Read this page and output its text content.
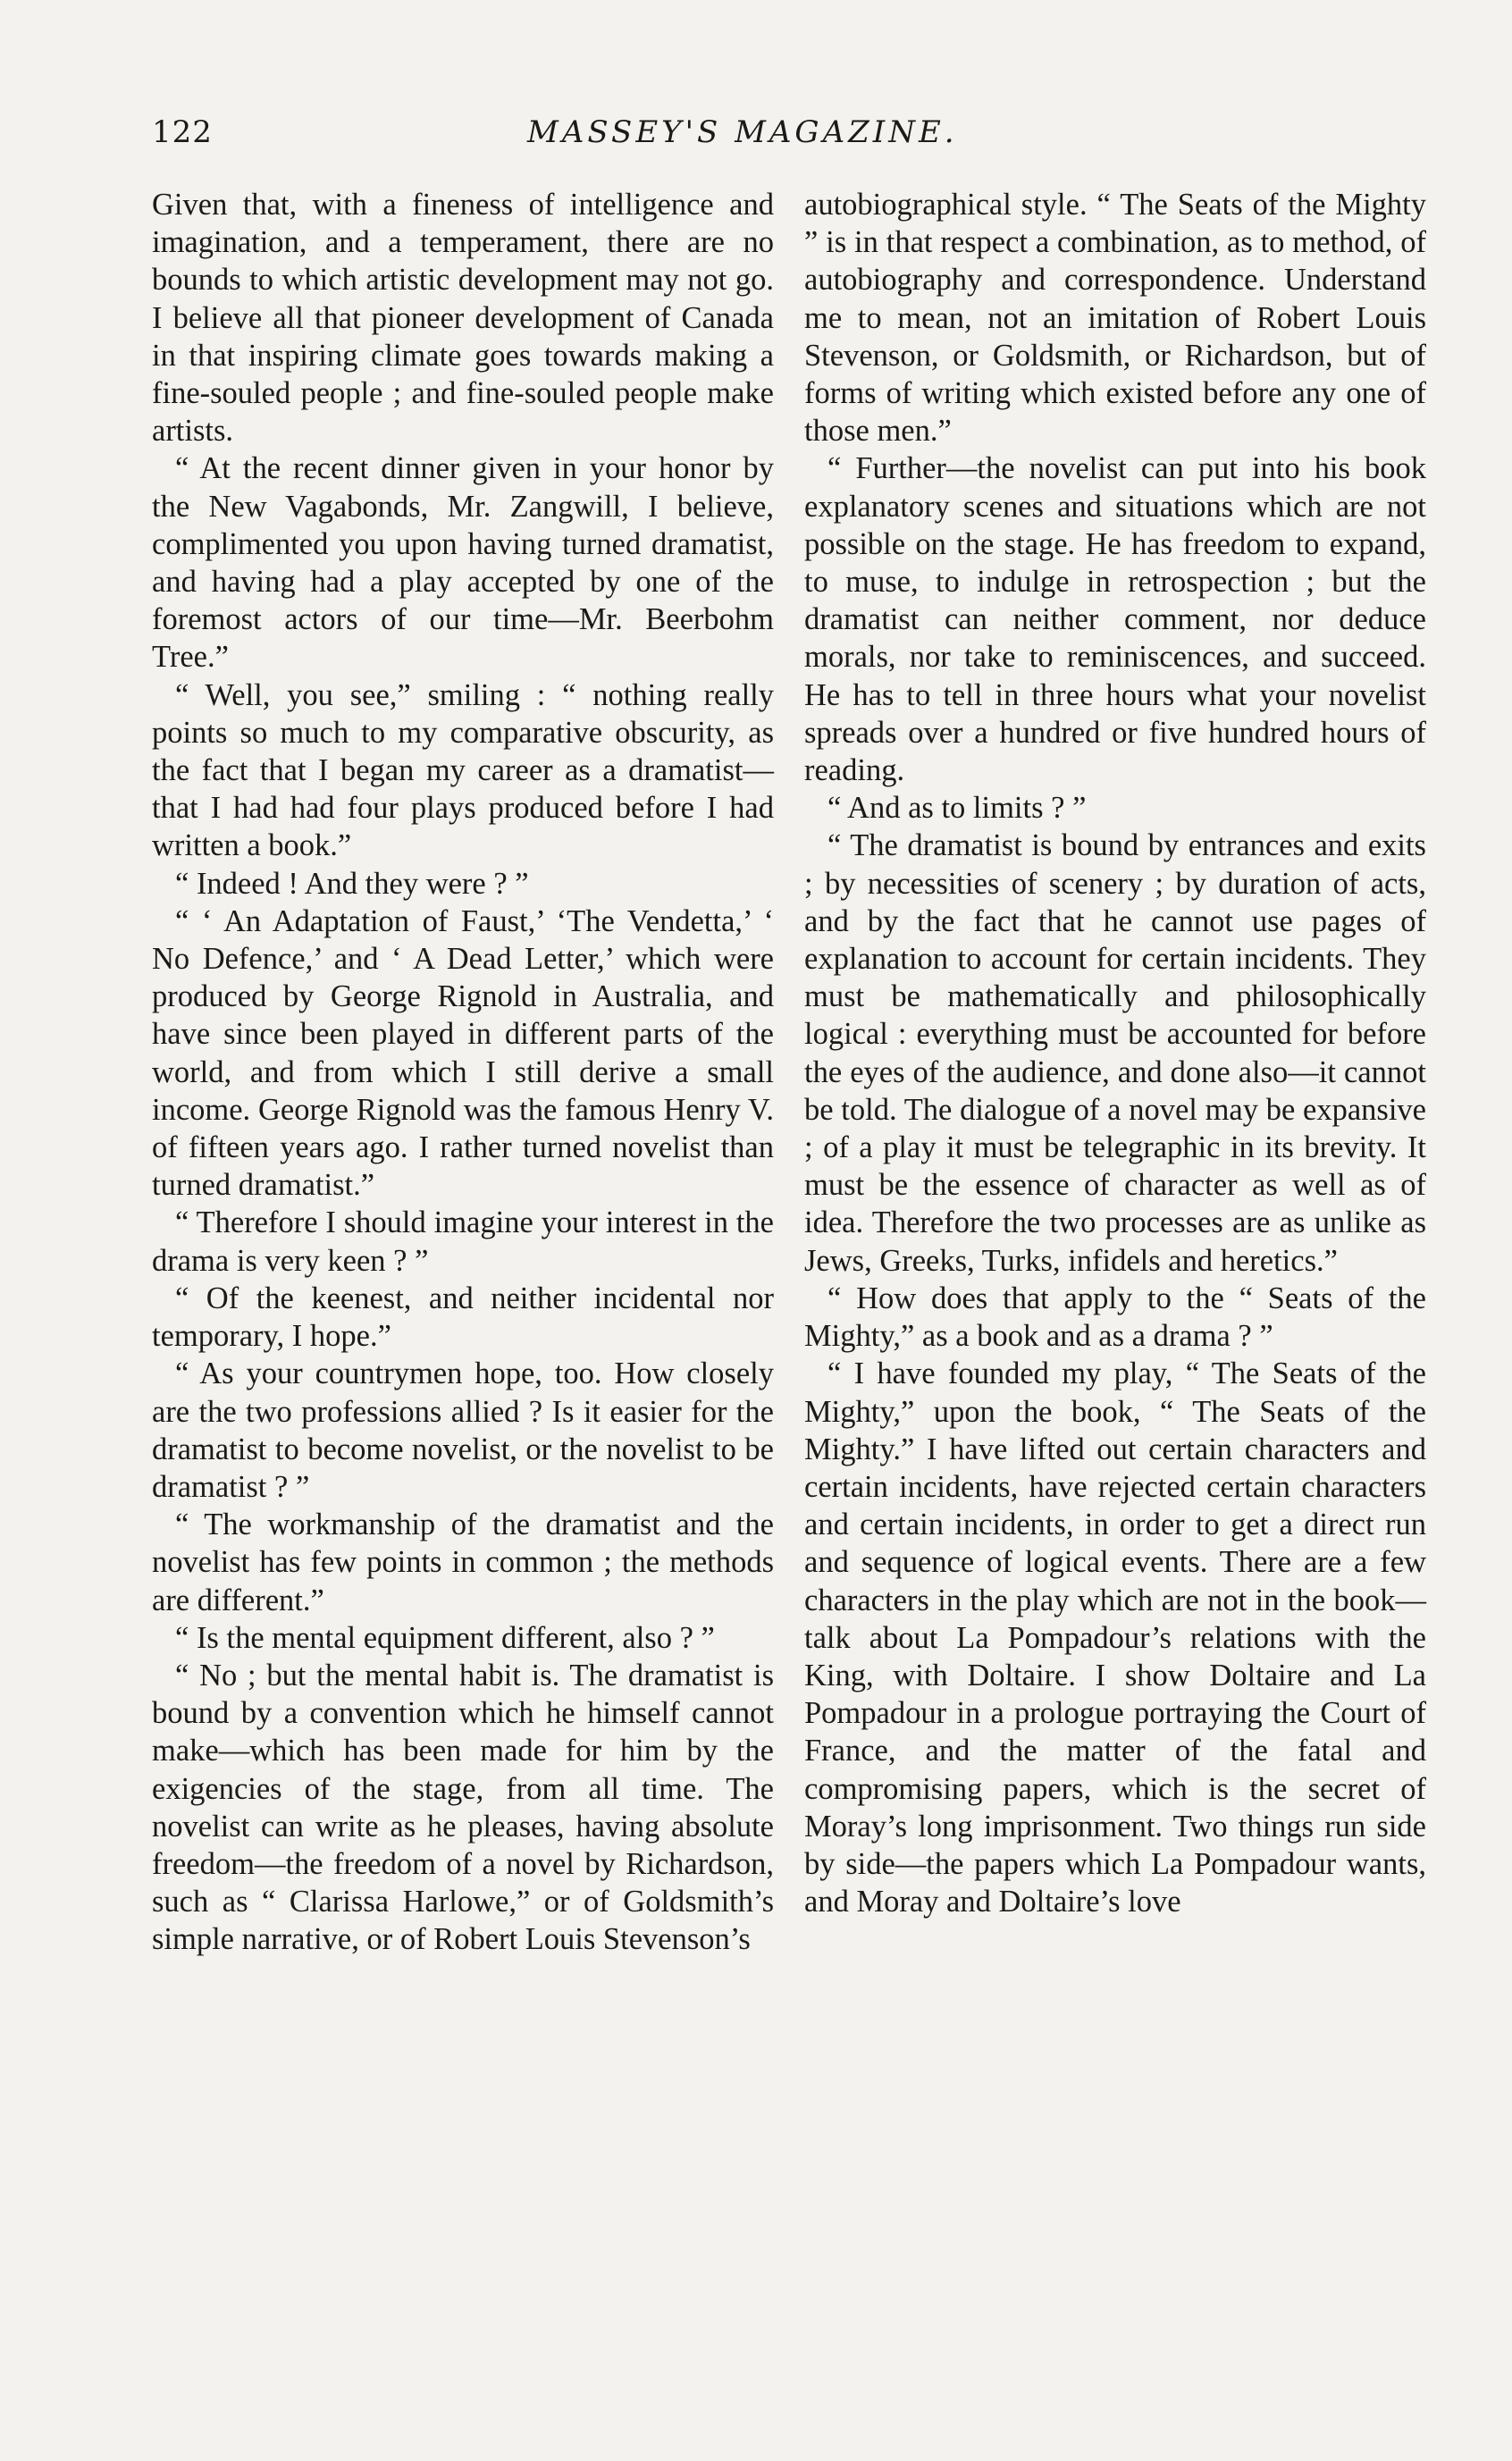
122	MASSEY'S MAGAZINE.

Given that, with a fineness of intelligence and imagination, and a temperament, there are no bounds to which artistic development may not go. I believe all that pioneer development of Canada in that inspiring climate goes towards making a fine-souled people ; and fine-souled people make artists.

“ At the recent dinner given in your honor by the New Vagabonds, Mr. Zangwill, I believe, complimented you upon having turned dramatist, and having had a play accepted by one of the foremost actors of our time—Mr. Beerbohm Tree.”

“ Well, you see,” smiling : “ nothing really points so much to my comparative obscurity, as the fact that I began my career as a dramatist—that I had had four plays produced before I had written a book.”

“ Indeed ! And they were ? ”

“ ‘ An Adaptation of Faust,’ ‘The Vendetta,’ ‘ No Defence,’ and ‘ A Dead Letter,’ which were produced by George Rignold in Australia, and have since been played in different parts of the world, and from which I still derive a small income. George Rignold was the famous Henry V. of fifteen years ago. I rather turned novelist than turned dramatist.”

“ Therefore I should imagine your interest in the drama is very keen ? ”

“ Of the keenest, and neither incidental nor temporary, I hope.”

“ As your countrymen hope, too. How closely are the two professions allied ? Is it easier for the dramatist to become novelist, or the novelist to be dramatist ? ”

“ The workmanship of the dramatist and the novelist has few points in common ; the methods are different.”

“ Is the mental equipment different, also ? ”

“ No ; but the mental habit is. The dramatist is bound by a convention which he himself cannot make—which has been made for him by the exigencies of the stage, from all time. The novelist can write as he pleases, having absolute freedom—the freedom of a novel by Richardson, such as “ Clarissa Harlowe,” or of Goldsmith’s simple narrative, or of Robert Louis Stevenson’s

autobiographical style. “ The Seats of the Mighty ” is in that respect a combination, as to method, of autobiography and correspondence. Understand me to mean, not an imitation of Robert Louis Stevenson, or Goldsmith, or Richardson, but of forms of writing which existed before any one of those men.”

“ Further—the novelist can put into his book explanatory scenes and situations which are not possible on the stage. He has freedom to expand, to muse, to indulge in retrospection ; but the dramatist can neither comment, nor deduce morals, nor take to reminiscences, and succeed. He has to tell in three hours what your novelist spreads over a hundred or five hundred hours of reading.

“ And as to limits ? ”

“ The dramatist is bound by entrances and exits ; by necessities of scenery ; by duration of acts, and by the fact that he cannot use pages of explanation to account for certain incidents. They must be mathematically and philosophically logical : everything must be accounted for before the eyes of the audience, and done also—it cannot be told. The dialogue of a novel may be expansive ; of a play it must be telegraphic in its brevity. It must be the essence of character as well as of idea. Therefore the two processes are as unlike as Jews, Greeks, Turks, infidels and heretics.”

“ How does that apply to the “ Seats of the Mighty,” as a book and as a drama ? ”

“ I have founded my play, “ The Seats of the Mighty,” upon the book, “ The Seats of the Mighty.” I have lifted out certain characters and certain incidents, have rejected certain characters and certain incidents, in order to get a direct run and sequence of logical events. There are a few characters in the play which are not in the book—talk about La Pompadour’s relations with the King, with Doltaire. I show Doltaire and La Pompadour in a prologue portraying the Court of France, and the matter of the fatal and compromising papers, which is the secret of Moray’s long imprisonment. Two things run side by side—the papers which La Pompadour wants, and Moray and Doltaire’s love
